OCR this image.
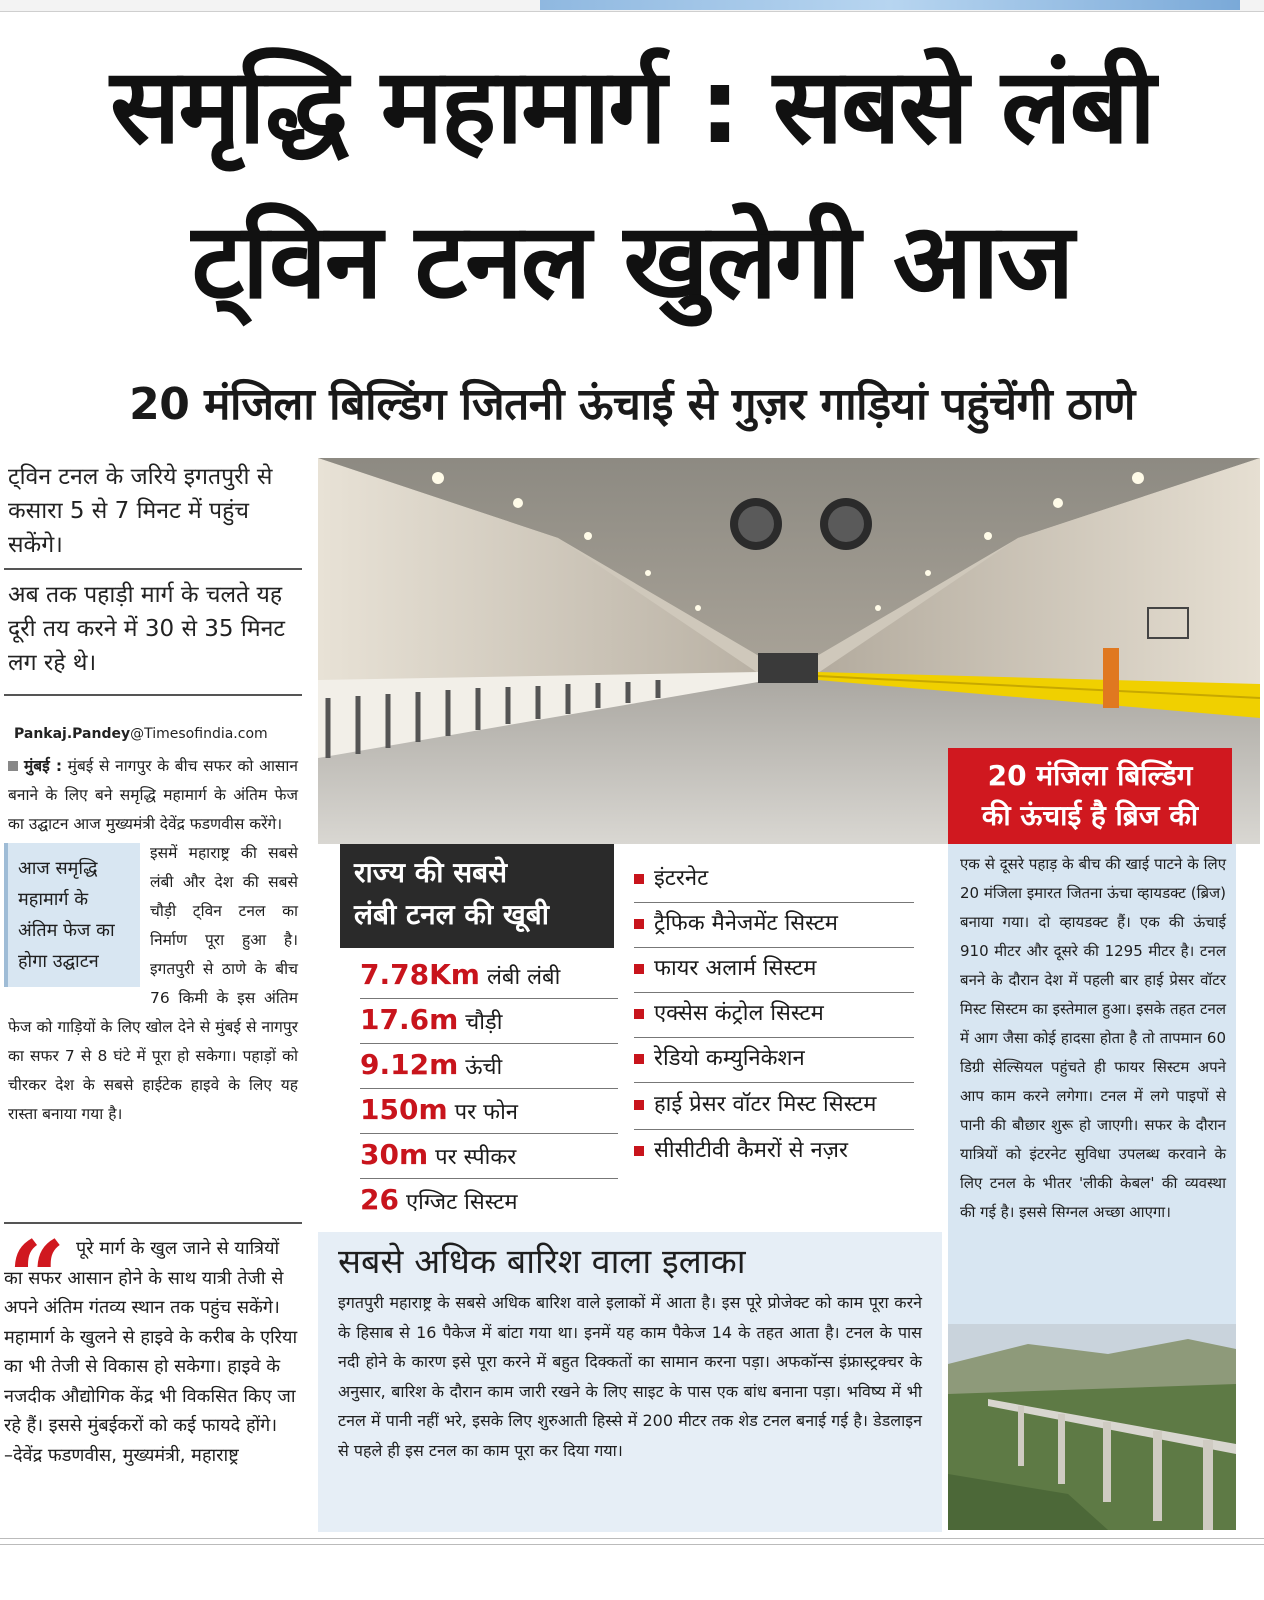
समृद्धि महामार्ग : सबसे लंबी
ट्विन टनल खुलेगी आज
20 मंजिला बिल्डिंग जितनी ऊंचाई से गुज़र गाड़ियां पहुंचेंगी ठाणे
ट्विन टनल के जरिये इगतपुरी से कसारा 5 से 7 मिनट में पहुंच सकेंगे।
अब तक पहाड़ी मार्ग के चलते यह दूरी तय करने में 30 से 35 मिनट लग रहे थे।
Pankaj.Pandey@Timesofindia.com
मुंबई : मुंबई से नागपुर के बीच सफर को आसान बनाने के लिए बने समृद्धि महामार्ग के अंतिम फेज का उद्घाटन आज मुख्यमंत्री देवेंद्र फडणवीस करेंगे।
आज समृद्धि महामार्ग के अंतिम फेज का होगा उद्घाटन
इसमें महाराष्ट्र की सबसे लंबी और देश की सबसे चौड़ी ट्विन टनल का निर्माण पूरा हुआ है। इगतपुरी से ठाणे के बीच 76 किमी के इस अंतिम फेज को गाड़ियों के लिए खोल देने से मुंबई से नागपुर का सफर 7 से 8 घंटे में पूरा हो सकेगा। पहाड़ों को चीरकर देश के सबसे हाईटेक हाइवे के लिए यह रास्ता बनाया गया है।
“ पूरे मार्ग के खुल जाने से यात्रियों का सफर आसान होने के साथ यात्री तेजी से अपने अंतिम गंतव्य स्थान तक पहुंच सकेंगे। महामार्ग के खुलने से हाइवे के करीब के एरिया का भी तेजी से विकास हो सकेगा। हाइवे के नजदीक औद्योगिक केंद्र भी विकसित किए जा रहे हैं। इससे मुंबईकरों को कई फायदे होंगे।
–देवेंद्र फडणवीस, मुख्यमंत्री, महाराष्ट्र
20 मंजिला बिल्डिंग
की ऊंचाई है ब्रिज की
राज्य की सबसे
लंबी टनल की खूबी
7.78Km लंबी लंबी
17.6m चौड़ी
9.12m ऊंची
150m पर फोन
30m पर स्पीकर
26 एग्जिट सिस्टम
इंटरनेट
ट्रैफिक मैनेजमेंट सिस्टम
फायर अलार्म सिस्टम
एक्सेस कंट्रोल सिस्टम
रेडियो कम्युनिकेशन
हाई प्रेसर वॉटर मिस्ट सिस्टम
सीसीटीवी कैमरों से नज़र
सबसे अधिक बारिश वाला इलाका
इगतपुरी महाराष्ट्र के सबसे अधिक बारिश वाले इलाकों में आता है। इस पूरे प्रोजेक्ट को काम पूरा करने के हिसाब से 16 पैकेज में बांटा गया था। इनमें यह काम पैकेज 14 के तहत आता है। टनल के पास नदी होने के कारण इसे पूरा करने में बहुत दिक्कतों का सामान करना पड़ा। अफकॉन्स इंफ्रास्ट्रक्चर के अनुसार, बारिश के दौरान काम जारी रखने के लिए साइट के पास एक बांध बनाना पड़ा। भविष्य में भी टनल में पानी नहीं भरे, इसके लिए शुरुआती हिस्से में 200 मीटर तक शेड टनल बनाई गई है। डेडलाइन से पहले ही इस टनल का काम पूरा कर दिया गया।

एक से दूसरे पहाड़ के बीच की खाई पाटने के लिए 20 मंजिला इमारत जितना ऊंचा व्हायडक्ट (ब्रिज) बनाया गया। दो व्हायडक्ट हैं। एक की ऊंचाई 910 मीटर और दूसरे की 1295 मीटर है। टनल बनने के दौरान देश में पहली बार हाई प्रेसर वॉटर मिस्ट सिस्टम का इस्तेमाल हुआ। इसके तहत टनल में आग जैसा कोई हादसा होता है तो तापमान 60 डिग्री सेल्सियल पहुंचते ही फायर सिस्टम अपने आप काम करने लगेगा। टनल में लगे पाइपों से पानी की बौछार शुरू हो जाएगी। सफर के दौरान यात्रियों को इंटरनेट सुविधा उपलब्ध करवाने के लिए टनल के भीतर 'लीकी केबल' की व्यवस्था की गई है। इससे सिग्नल अच्छा आएगा।
